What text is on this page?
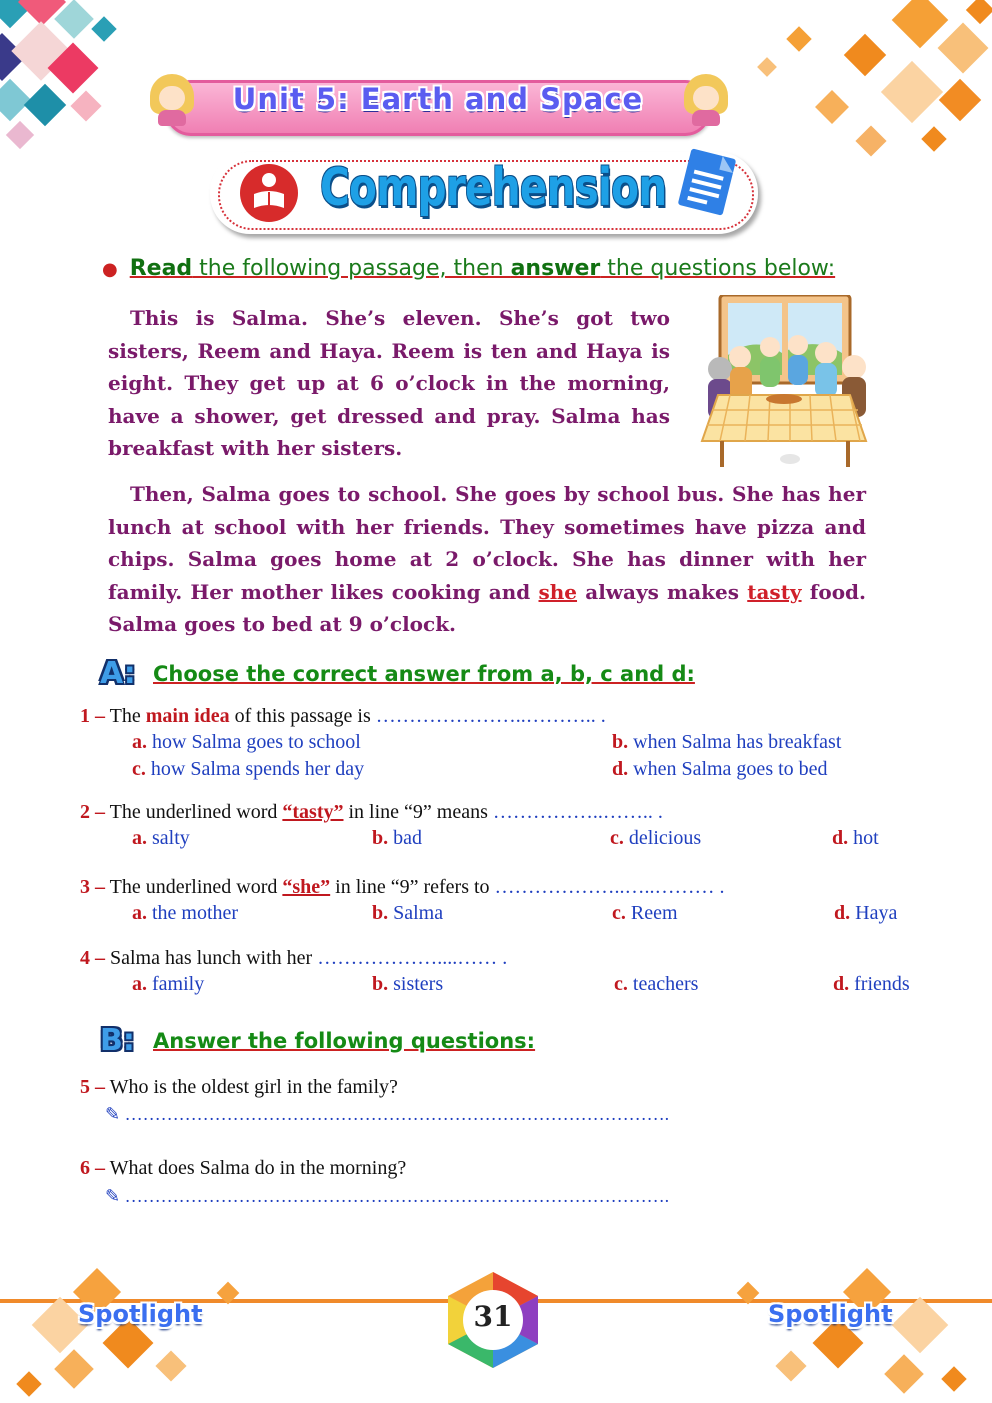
Unit 5: Earth and Space
Comprehension
● Read the following passage, then answer the questions below:
This is Salma. She’s eleven. She’s got two sisters, Reem and Haya. Reem is ten and Haya is eight. They get up at 6 o’clock in the morning, have a shower, get dressed and pray. Salma has breakfast with her sisters.
Then, Salma goes to school. She goes by school bus. She has her lunch at school with her friends. They sometimes have pizza and chips. Salma goes home at 2 o’clock. She has dinner with her family. Her mother likes cooking and she always makes tasty food. Salma goes to bed at 9 o’clock.
A: Choose the correct answer from a, b, c and d:
1 – The main idea of this passage is …………………..……….. .
a. how Salma goes to school	b. when Salma has breakfast
c. how Salma spends her day	d. when Salma goes to bed
2 – The underlined word “tasty” in line “9” means ……………..…….. .
a. salty	b. bad	c. delicious	d. hot
3 – The underlined word “she” in line “9” refers to ………………..…..……… .
a. the mother	b. Salma	c. Reem	d. Haya
4 – Salma has lunch with her ………………....…… .
a. family	b. sisters	c. teachers	d. friends
B: Answer the following questions:
5 – Who is the oldest girl in the family?
✎ ……………………………………………………………………………….
6 – What does Salma do in the morning?
✎ ……………………………………………………………………………….
Spotlight	Spotlight
31
